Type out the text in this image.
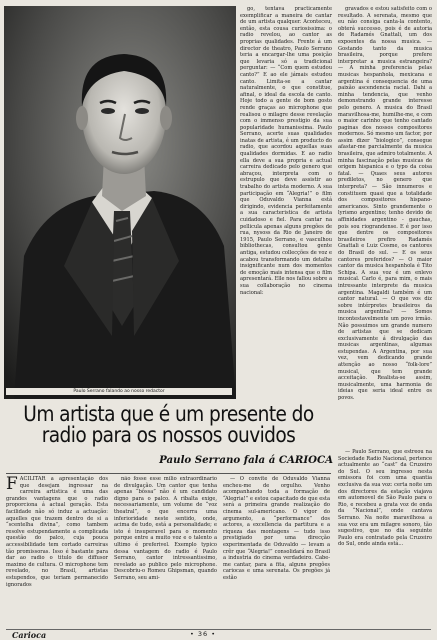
Paulo Serrano falando ao nosso redactor

go, tentava practicamente exemplificar a maneira de cantar de um artista qualquer. Aconteceu, então, esta cousa curiosissima: o radio revelou, ao cantor as proprias qualidades. Frente á um director de theatro, Paulo Serrano teria a encargar-lhe uma posição que levaria só a tradicional perguntar: — “Com quem estudou canto?” E ao ele jámais estudou canto. Limita-se a cantar naturalmente, o que constitue, afinal, o ideal da escola de canto. Hoje todo a gente de bom gosto rende graças ao microphone que realisou o milagre desse revelação com o immenso prestigio da sua popularidade humanissima. Paulo Serrano, acerte suas qualidades inatas de artista, é um producto do radio, que acordou aquellas suas qualidades dormidas. E ao radio ella deve a sua propria e actual carreira dedicado pelo genero que abraçou, interpreta com o estrupulo que deve assistir ao trabalho do artista moderno. A sua participação em “Alegria!” o film que Oduvaldo Vianna está dirigindo, evidencia perfeitamente a sua caracteristica de artista cuidadoso e fiel. Para cantar na pellicula apenas alguns pregões de rua, nysoss da Rio de Janeiro de 1915, Paulo Serrano, e vasculhou bibliothecas, consultou gente antiga, estudou collecções de voz e acabou transformando um detalhe insignificante num dos momentos de emoção mais intensa que o film apresentará. Elle nos fallou sobre a sua collaboração no cinema nacional:

gravados e estou satisfeito com o resultado. A serenata, mesmo que eu não consiga canta-la contento, obterá successo, pois é de autoria de Radamés Gnattali, um dos expoentes da nossa musica. — Gostando tanto da musica brasileira, porque prefere interpretar a musica estrangeira? — A minha preferencia pelas musicas hespanhola, mexicana e argentina é consequencia de uma paixão ascendencia racial. Dahi a minha tendencia, que venho demonstrando grande interesse pelo genero. A musica do Brasil maravilhosa-me, humilhe-me, e com o maior carinho que tenho cantado paginas dos nossos compositores modernos. Só mesmo um factor, por assim dizer “biologico”, consegue afastar-me parcialmente da musica brasileira, que admiro totalmente. A minha fascinação pelas musicas de origem hispanica e o typo da coisa fatal. — Quaes seus autores prediletos, no genero que interpreta? — São innumeros e constituem quasi que a totalidade dos compositores hispano-americanos. Sinto grandemente o lyrismo argentino; tenho devido de affinidades argentino - gauchas, pois sou riograndense. E é por isso que dentre os compositores brasileiros prefiro Radamés Gnattali e Luiz Cosme, os cantores do Brasil do sul. — E os seus cantores preferidos? — O maior cantor da musica hespanhola é Tito Schipa. A sua voz é um enlevo musical. Carlo é, para mim, o mais intressante interprete da musica argentina. Magaldi também é um cantor natural. — O que vos diz sobre intérpretes brasileiros da musica argentina? — Somos incontestavelmente um povo irmão. Não possuimos um grande numero de artistas que se dedicam exclusivamente á divulgação das musicas argentinas, algumas estupendas. A Argentina, por sua vez, vem dedicando grande attenção ao nosso “folk-lore” musical, que tem grande acceitação. Realista-se assim, musicalmente, uma harmonia de ideias que seria ideal entre os povos.

Um artista que é um presente do radio para os nossos ouvidos
Paulo Serrano fala á CARIOCA

FACILITAR a apresentação dos que desejam ingressar na carreira artistica é uma das grandes vantagens que o radio proporciona á actual geração. Esta facilidade não só induz a actuação: aquelles que trazem dentro de si a “scentelha divina”, como tambem resolve estupendamente a complicada questão do palco, cuja pouca accessibilidade tem cortado carreiras tão promissoras. Isso é bastante para dar ao radio o titulo de diffusor maximo de cultura. O microphone tem revelado, no Brasil, artistas estupendos, que teriam permanecido ignorados

não fosse esse milio extraordinario de divulgação. Um cantor que tenha apenas “bôssa” não é um candidato digno para o palco. A ribalta exige, necessariamente, um volume de “voz theatral”, o que encerra uma inferioridade neste sentido, onde, acima de tudo, está a personalidade; e isto é insuperavel para o momento porque entre a muito voz e o talento a ultimo é preferivel. Exemplo typico dessa vantagem do radio é Paulo Serrano, cantor intressantissimo, revelado ao publico pelo microphone. Descobriu-o Romeu Ghipsman, quando Serrano, seu ami-

— O convite de Oduvaldo Vianna encheu-me de orgulho. Venho acompanhando toda a formação de “Alegria!” e estou capacitado de que esta será a primeira grande realização do cinema sul-americano. O vigor do argumento, a “performance” dos actores, a excellencia da partitura e a riqueza das montagens — tudo isso prestigiado por uma direcção experimentada de Oduvaldo — levam a crêr que “Alegria!” consolidará no Brasil a industria do cinema verdadeiro. Cabe-me cantar, para a fita, alguns pregões cariocas e uma serenata. Os pregões já estão

— Paulo Serrano, que estreou na Sociedade Radio Nacional, pertence actualmente ao “cast” da Cruzeiro do Sul. O seu ingresso nesta emissora foi com uma quantia exclusiva da sua voz: certa noite um dos directores da estação viajava em automovel de São Paulo para o Rio, e recebeu a grata voz de onda da “Nacional”, onde cantava Serrano. Na noite maravilhosa a sua voz era um milagre sonoro, tão sugestivo, que no dia seguinte Paulo era contratado pela Cruzeiro do Sul, onde ainda está...

Carioca	• 36 •
